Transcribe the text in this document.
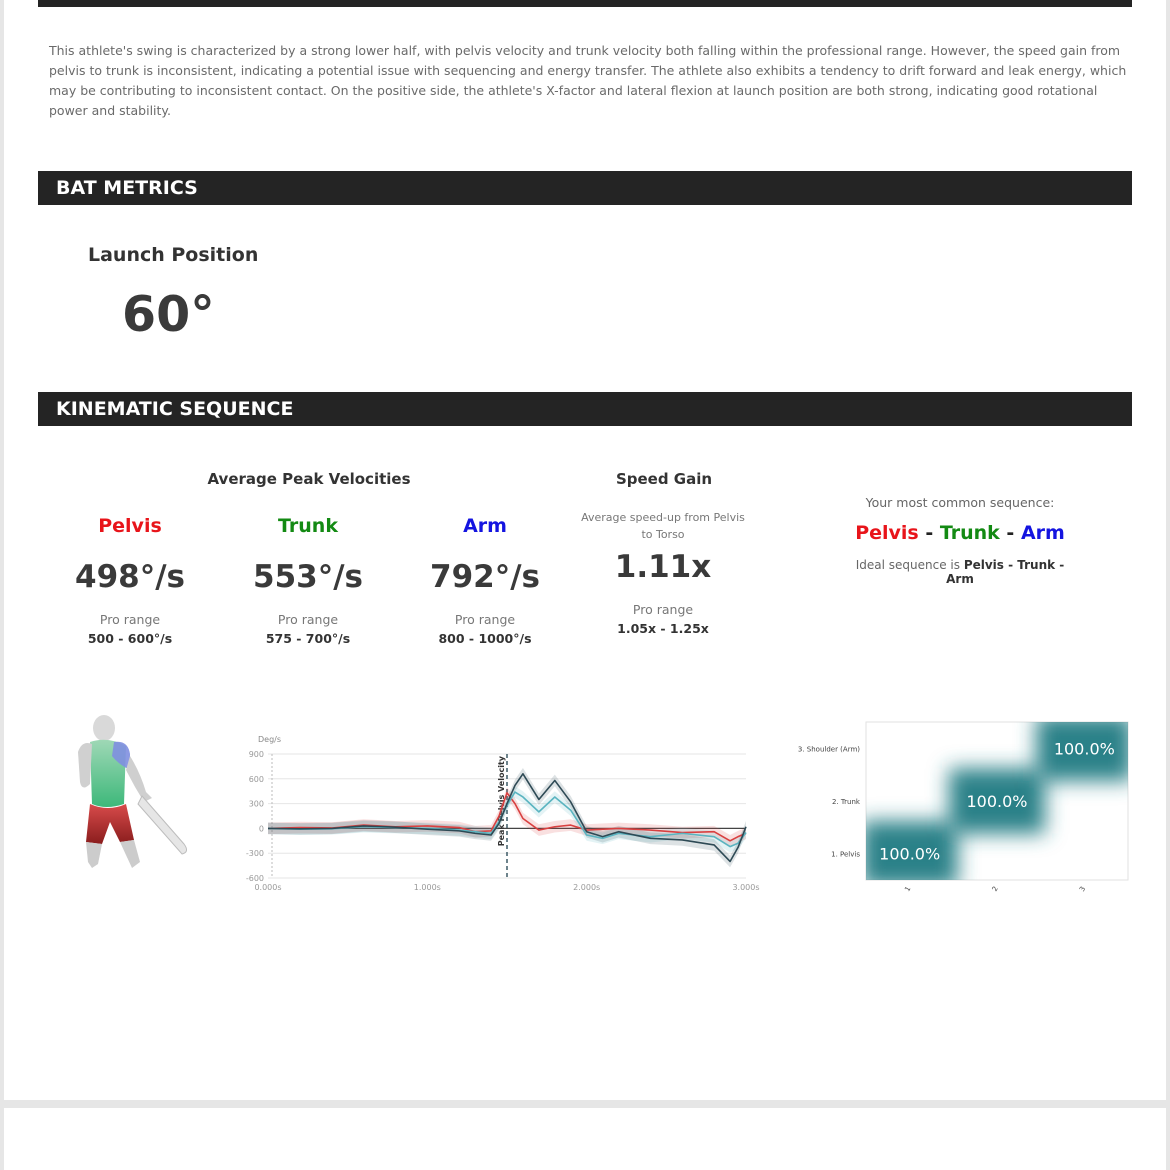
This athlete's swing is characterized by a strong lower half, with pelvis velocity and trunk velocity both falling within the professional range. However, the speed gain from pelvis to trunk is inconsistent, indicating a potential issue with sequencing and energy transfer. The athlete also exhibits a tendency to drift forward and leak energy, which may be contributing to inconsistent contact. On the positive side, the athlete's X-factor and lateral flexion at launch position are both strong, indicating good rotational power and stability.
BAT METRICS
Launch Position
60°
KINEMATIC SEQUENCE
Average Peak Velocities	Speed Gain
Pelvis
498°/s
Pro range
500 - 600°/s
Trunk
553°/s
Pro range
575 - 700°/s
Arm
792°/s
Pro range
800 - 1000°/s
Average speed-up from Pelvis to Torso
1.11x
Pro range
1.05x - 1.25x
Your most common sequence:
Pelvis - Trunk - Arm
Ideal sequence is Pelvis - Trunk - Arm
Deg/s
900
600
300
0
-300
-600
0.000s	1.000s	2.000s	3.000s
Peak Pelvis Velocity
100.0%
100.0%
100.0%
1. Pelvis
2. Trunk
3. Shoulder (Arm)
1	2	3
